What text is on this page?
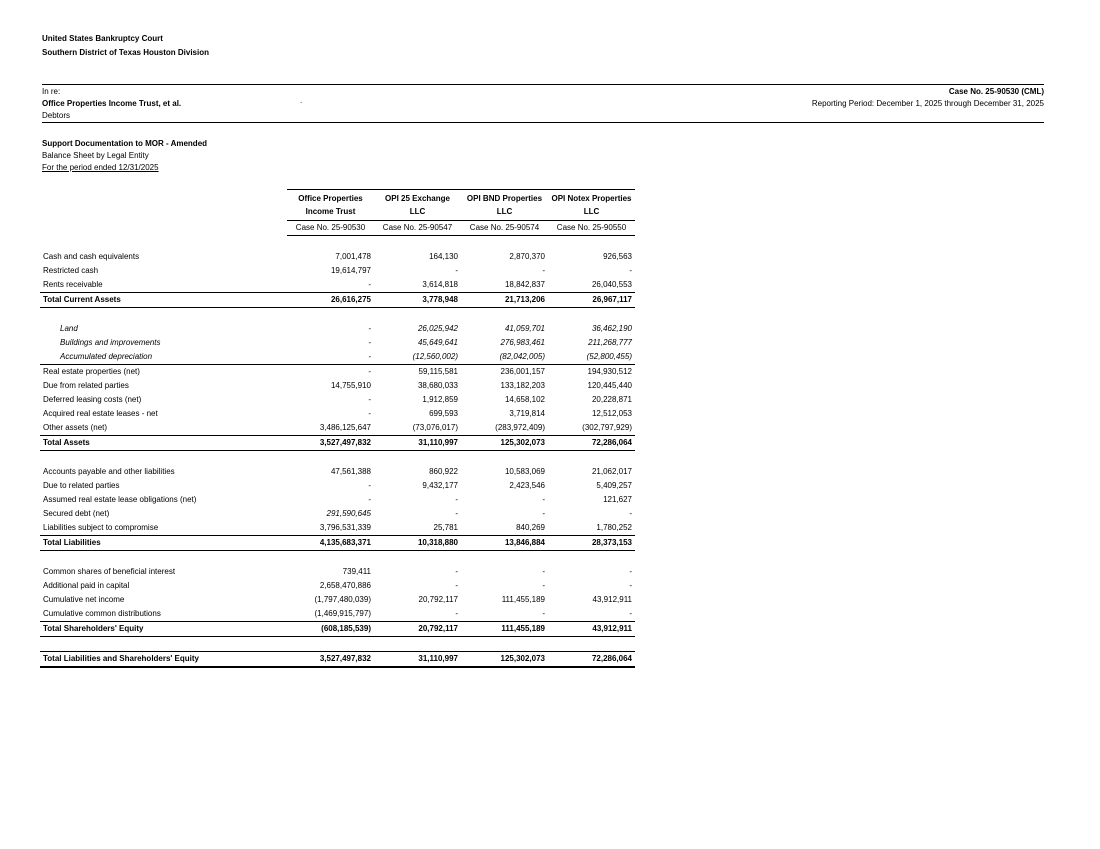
United States Bankruptcy Court
Southern District of Texas Houston Division
In re:
Office Properties Income Trust, et al.
Debtors
.
Case No. 25-90530 (CML)
Reporting Period: December 1, 2025 through December 31, 2025
Support Documentation to MOR - Amended
Balance Sheet by Legal Entity
For the period ended 12/31/2025
	Office Properties Income Trust	OPI 25 Exchange LLC	OPI BND Properties LLC	OPI Notex Properties LLC
	Case No. 25-90530	Case No. 25-90547	Case No. 25-90574	Case No. 25-90550

Cash and cash equivalents	7,001,478	164,130	2,870,370	926,563
Restricted cash	19,614,797	-	-	-
Rents receivable	-	3,614,818	18,842,837	26,040,553
Total Current Assets	26,616,275	3,778,948	21,713,206	26,967,117

Land	-	26,025,942	41,059,701	36,462,190
Buildings and improvements	-	45,649,641	276,983,461	211,268,777
Accumulated depreciation	-	(12,560,002)	(82,042,005)	(52,800,455)
Real estate properties (net)	-	59,115,581	236,001,157	194,930,512
Due from related parties	14,755,910	38,680,033	133,182,203	120,445,440
Deferred leasing costs (net)	-	1,912,859	14,658,102	20,228,871
Acquired real estate leases - net	-	699,593	3,719,814	12,512,053
Other assets (net)	3,486,125,647	(73,076,017)	(283,972,409)	(302,797,929)
Total Assets	3,527,497,832	31,110,997	125,302,073	72,286,064

Accounts payable and other liabilities	47,561,388	860,922	10,583,069	21,062,017
Due to related parties	-	9,432,177	2,423,546	5,409,257
Assumed real estate lease obligations (net)	-	-	-	121,627
Secured debt (net)	291,590,645	-	-	-
Liabilities subject to compromise	3,796,531,339	25,781	840,269	1,780,252
Total Liabilities	4,135,683,371	10,318,880	13,846,884	28,373,153

Common shares of beneficial interest	739,411	-	-	-
Additional paid in capital	2,658,470,886	-	-	-
Cumulative net income	(1,797,480,039)	20,792,117	111,455,189	43,912,911
Cumulative common distributions	(1,469,915,797)	-	-	-
Total Shareholders' Equity	(608,185,539)	20,792,117	111,455,189	43,912,911

Total Liabilities and Shareholders' Equity	3,527,497,832	31,110,997	125,302,073	72,286,064
